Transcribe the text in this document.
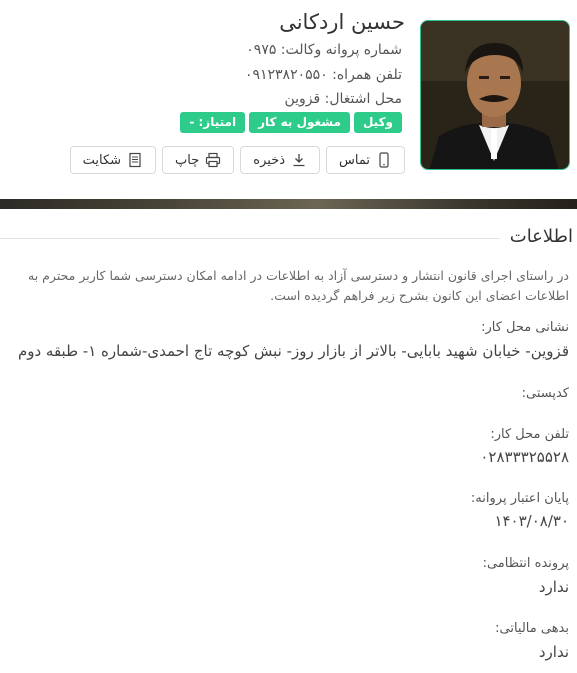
حسین اردکانی
شماره پروانه وکالت: ۰۹۷۵
تلفن همراه: ۰۹۱۲۳۸۲۰۵۵۰
محل اشتغال: قزوین
وکیل
مشغول به کار
امتیاز: -
تماس
ذخیره
چاپ
شکایت
اطلاعات
در راستای اجرای قانون انتشار و دسترسی آزاد به اطلاعات در ادامه امکان دسترسی شما کاربر محترم به اطلاعات اعضای این کانون بشرح زیر فراهم گردیده است.
نشانی محل کار:
قزوین- خیابان شهید بابایی- بالاتر از بازار روز- نبش کوچه تاج احمدی-شماره ۱- طبقه دوم
کدپستی:
تلفن محل کار:
۰۲۸۳۳۳۲۵۵۲۸
پایان اعتبار پروانه:
۱۴۰۳/۰۸/۳۰
پرونده انتظامی:
ندارد
بدهی مالیاتی:
ندارد
